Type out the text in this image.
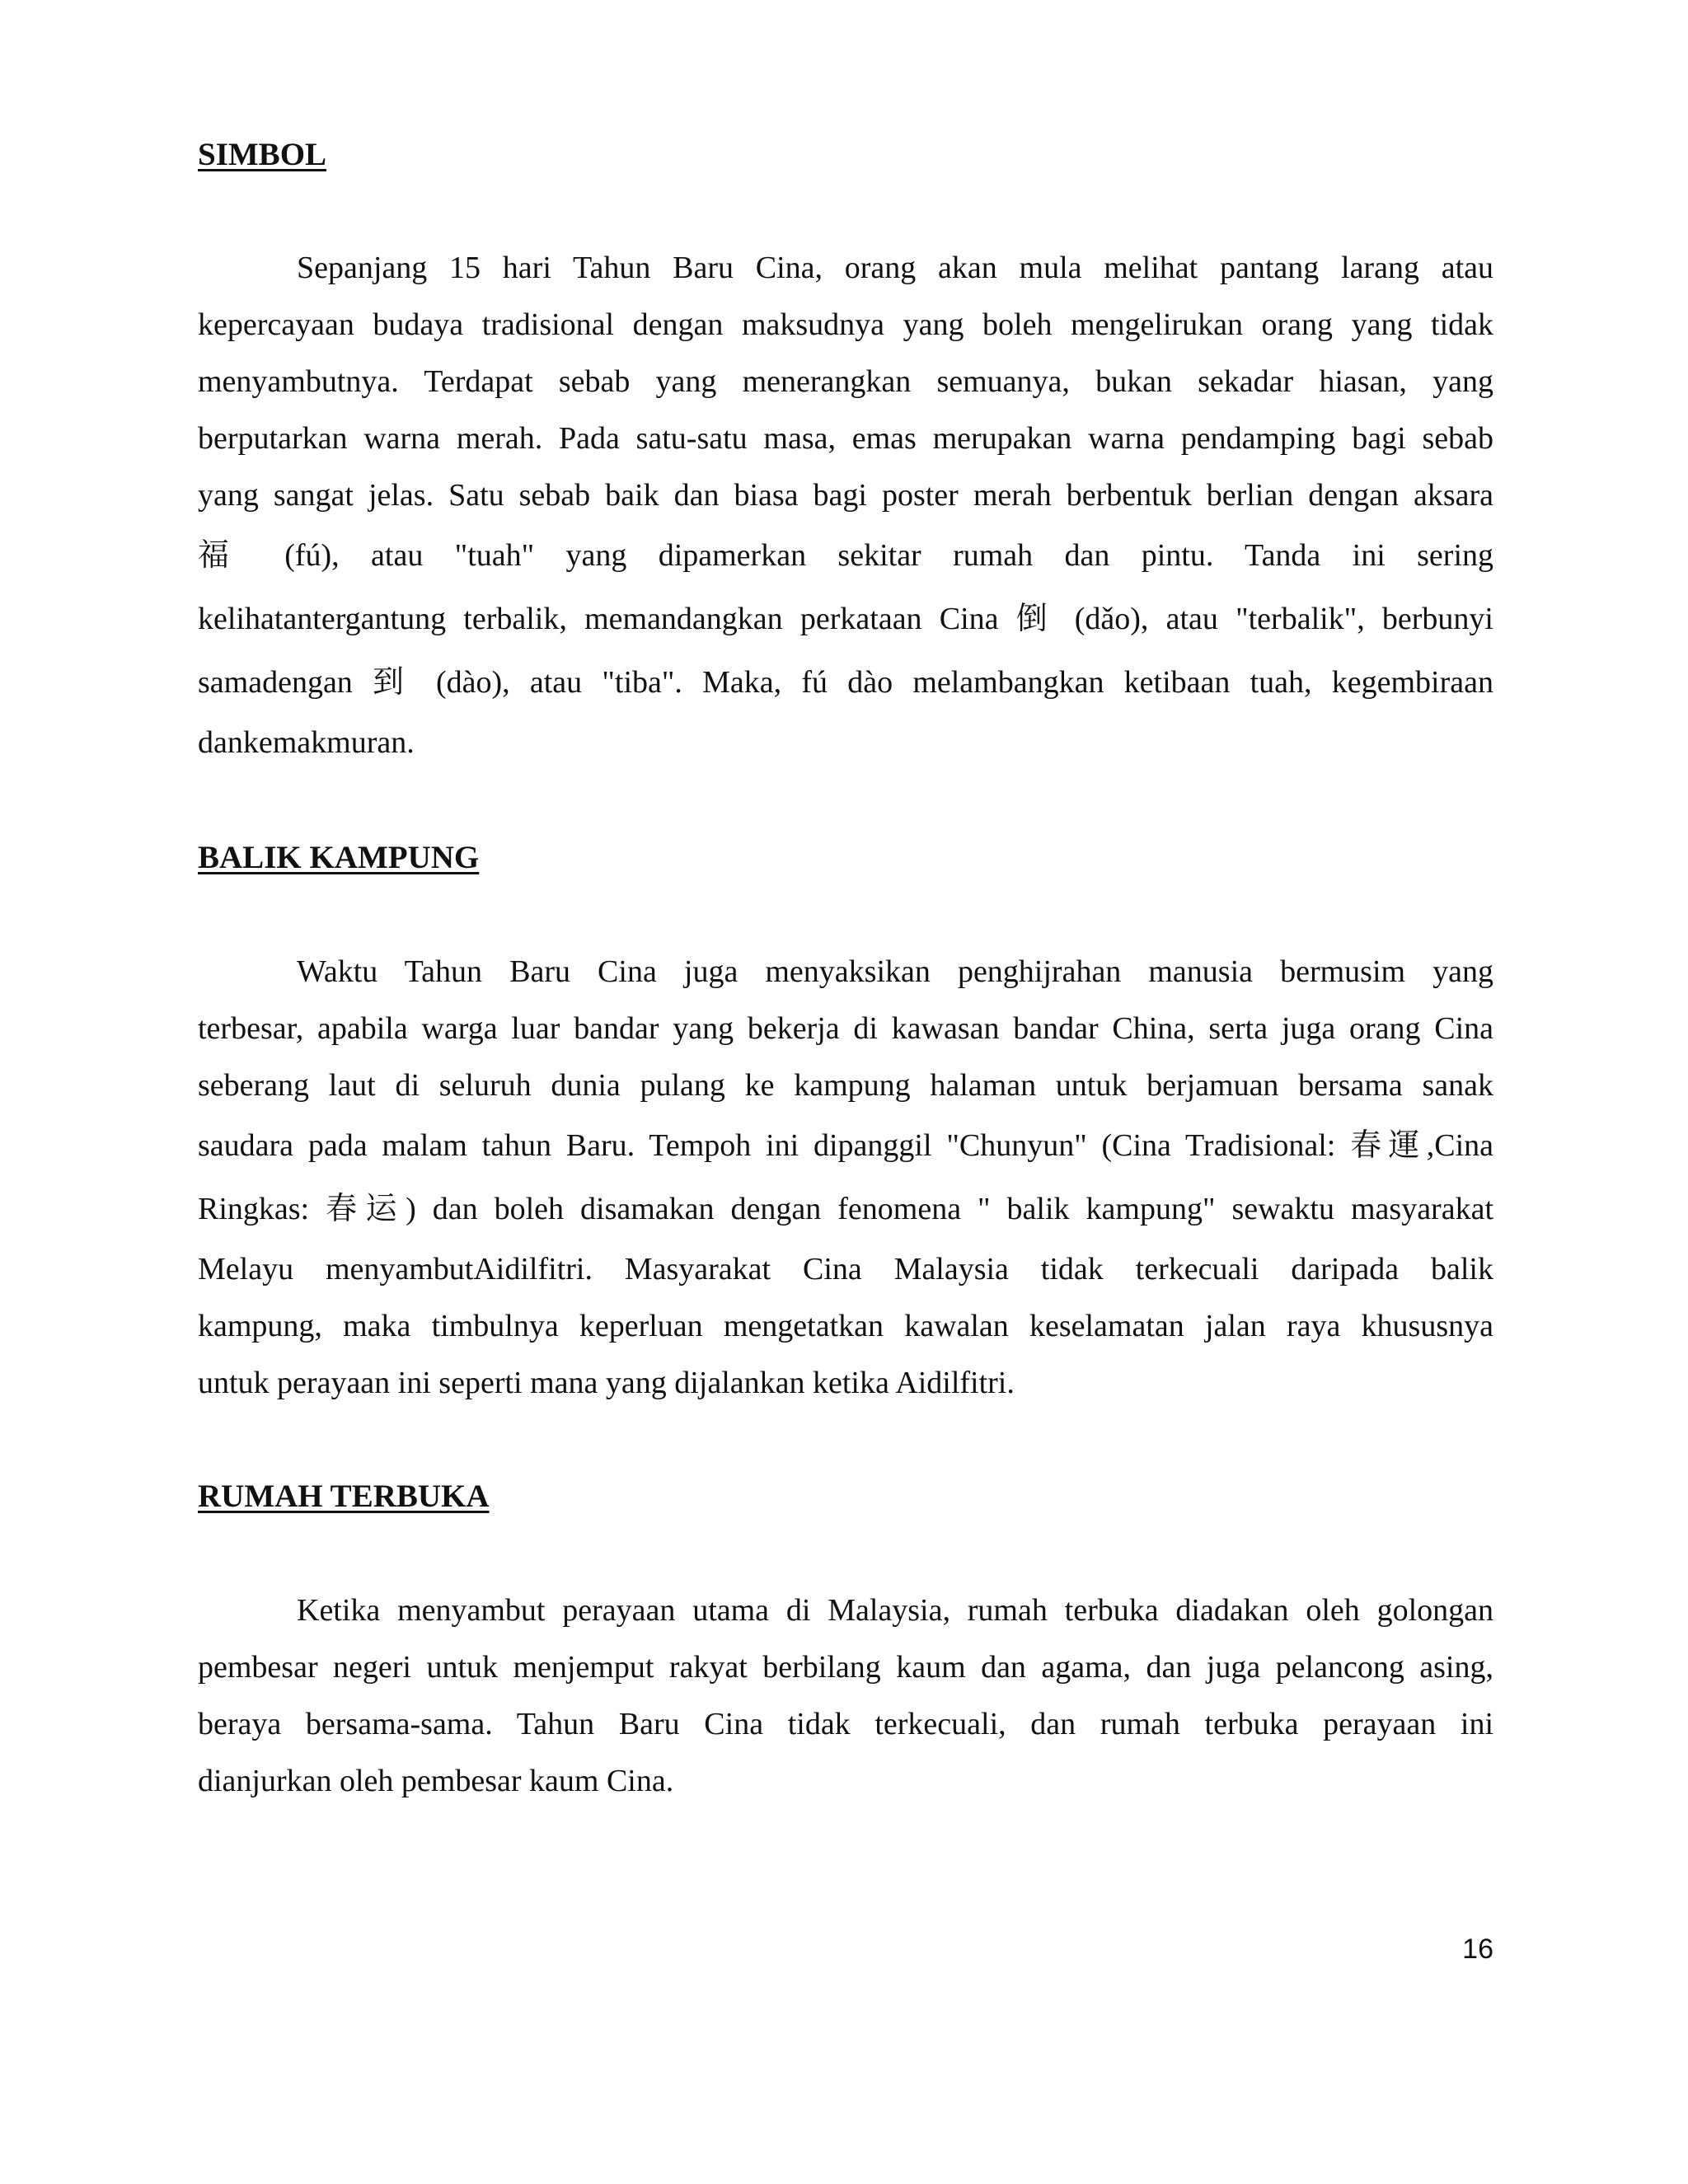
SIMBOL
Sepanjang 15 hari Tahun Baru Cina, orang akan mula melihat pantang larang atau
kepercayaan budaya tradisional dengan maksudnya yang boleh mengelirukan orang yang tidak
menyambutnya. Terdapat sebab yang menerangkan semuanya, bukan sekadar hiasan, yang
berputarkan warna merah. Pada satu-satu masa, emas merupakan warna pendamping bagi sebab
yang sangat jelas. Satu sebab baik dan biasa bagi poster merah berbentuk berlian dengan aksara
福 (fú), atau "tuah" yang dipamerkan sekitar rumah dan pintu. Tanda ini sering
kelihatantergantung terbalik, memandangkan perkataan Cina 倒 (dǎo), atau "terbalik", berbunyi
samadengan 到 (dào), atau "tiba". Maka, fú dào melambangkan ketibaan tuah, kegembiraan
dankemakmuran.
BALIK KAMPUNG
Waktu Tahun Baru Cina juga menyaksikan penghijrahan manusia bermusim yang
terbesar, apabila warga luar bandar yang bekerja di kawasan bandar China, serta juga orang Cina
seberang laut di seluruh dunia pulang ke kampung halaman untuk berjamuan bersama sanak
saudara pada malam tahun Baru. Tempoh ini dipanggil "Chunyun" (Cina Tradisional: 春運,Cina
Ringkas: 春运) dan boleh disamakan dengan fenomena " balik kampung" sewaktu masyarakat
Melayu menyambutAidilfitri. Masyarakat Cina Malaysia tidak terkecuali daripada balik
kampung, maka timbulnya keperluan mengetatkan kawalan keselamatan jalan raya khususnya
untuk perayaan ini seperti mana yang dijalankan ketika Aidilfitri.
RUMAH TERBUKA
Ketika menyambut perayaan utama di Malaysia, rumah terbuka diadakan oleh golongan
pembesar negeri untuk menjemput rakyat berbilang kaum dan agama, dan juga pelancong asing,
beraya bersama-sama. Tahun Baru Cina tidak terkecuali, dan rumah terbuka perayaan ini
dianjurkan oleh pembesar kaum Cina.
16
